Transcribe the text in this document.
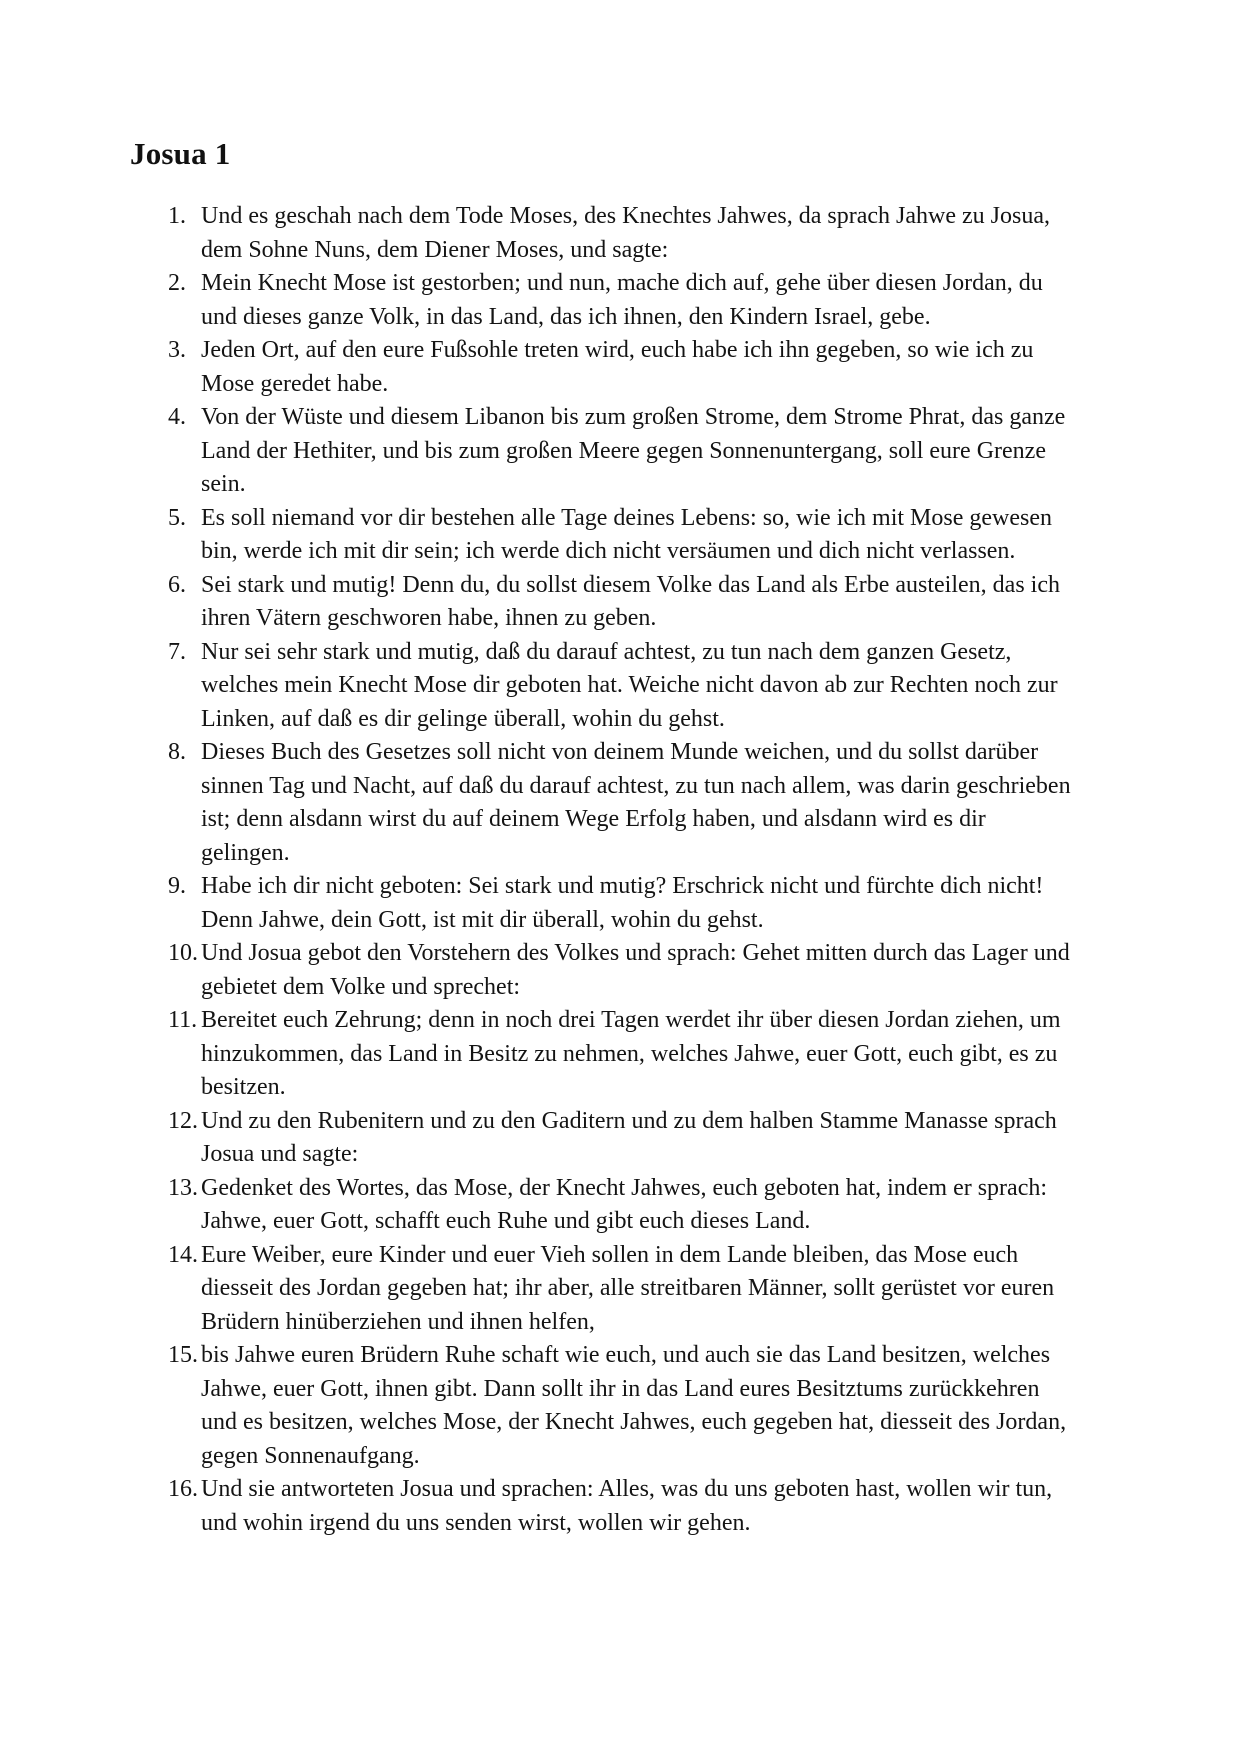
Josua 1
1. Und es geschah nach dem Tode Moses, des Knechtes Jahwes, da sprach Jahwe zu Josua, dem Sohne Nuns, dem Diener Moses, und sagte:
2. Mein Knecht Mose ist gestorben; und nun, mache dich auf, gehe über diesen Jordan, du und dieses ganze Volk, in das Land, das ich ihnen, den Kindern Israel, gebe.
3. Jeden Ort, auf den eure Fußsohle treten wird, euch habe ich ihn gegeben, so wie ich zu Mose geredet habe.
4. Von der Wüste und diesem Libanon bis zum großen Strome, dem Strome Phrat, das ganze Land der Hethiter, und bis zum großen Meere gegen Sonnenuntergang, soll eure Grenze sein.
5. Es soll niemand vor dir bestehen alle Tage deines Lebens: so, wie ich mit Mose gewesen bin, werde ich mit dir sein; ich werde dich nicht versäumen und dich nicht verlassen.
6. Sei stark und mutig! Denn du, du sollst diesem Volke das Land als Erbe austeilen, das ich ihren Vätern geschworen habe, ihnen zu geben.
7. Nur sei sehr stark und mutig, daß du darauf achtest, zu tun nach dem ganzen Gesetz, welches mein Knecht Mose dir geboten hat. Weiche nicht davon ab zur Rechten noch zur Linken, auf daß es dir gelinge überall, wohin du gehst.
8. Dieses Buch des Gesetzes soll nicht von deinem Munde weichen, und du sollst darüber sinnen Tag und Nacht, auf daß du darauf achtest, zu tun nach allem, was darin geschrieben ist; denn alsdann wirst du auf deinem Wege Erfolg haben, und alsdann wird es dir gelingen.
9. Habe ich dir nicht geboten: Sei stark und mutig? Erschrick nicht und fürchte dich nicht! Denn Jahwe, dein Gott, ist mit dir überall, wohin du gehst.
10. Und Josua gebot den Vorstehern des Volkes und sprach: Gehet mitten durch das Lager und gebietet dem Volke und sprechet:
11. Bereitet euch Zehrung; denn in noch drei Tagen werdet ihr über diesen Jordan ziehen, um hinzukommen, das Land in Besitz zu nehmen, welches Jahwe, euer Gott, euch gibt, es zu besitzen.
12. Und zu den Rubenitern und zu den Gaditern und zu dem halben Stamme Manasse sprach Josua und sagte:
13. Gedenket des Wortes, das Mose, der Knecht Jahwes, euch geboten hat, indem er sprach: Jahwe, euer Gott, schafft euch Ruhe und gibt euch dieses Land.
14. Eure Weiber, eure Kinder und euer Vieh sollen in dem Lande bleiben, das Mose euch diesseit des Jordan gegeben hat; ihr aber, alle streitbaren Männer, sollt gerüstet vor euren Brüdern hinüberziehen und ihnen helfen,
15. bis Jahwe euren Brüdern Ruhe schaft wie euch, und auch sie das Land besitzen, welches Jahwe, euer Gott, ihnen gibt. Dann sollt ihr in das Land eures Besitztums zurückkehren und es besitzen, welches Mose, der Knecht Jahwes, euch gegeben hat, diesseit des Jordan, gegen Sonnenaufgang.
16. Und sie antworteten Josua und sprachen: Alles, was du uns geboten hast, wollen wir tun, und wohin irgend du uns senden wirst, wollen wir gehen.
